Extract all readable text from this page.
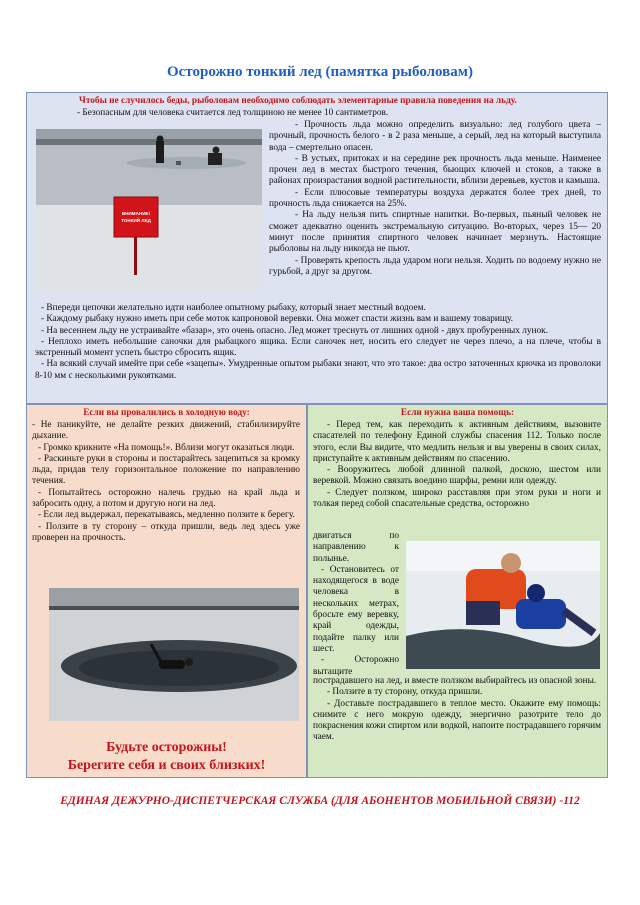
Осторожно тонкий лед (памятка рыболовам)
Чтобы не случилось беды, рыболовам необходимо соблюдать элементарные правила поведения на льду.
- Безопасным для человека считается лед толщиною не менее 10 сантиметров.
ВНИМАНИЕ!
ТОНКИЙ ЛЕД

- Прочность льда можно определить визуально: лед голубого цвета – прочный, прочность белого - в 2 раза меньше, а серый, лед на который выступила вода – смертельно опасен.

- В устьях, притоках и на середине рек прочность льда меньше. Наименее прочен лед в местах быстрого течения, бьющих ключей и стоков, а также в районах произрастания водной растительности, вблизи деревьев, кустов и камыша.

- Если плюсовые температуры воздуха держатся более трех дней, то прочность льда снижается на 25%.

- На льду нельзя пить спиртные напитки. Во-первых, пьяный человек не сможет адекватно оценить экстремальную ситуацию. Во-вторых, через 15— 20 минут после принятия спиртного человек начинает мерзнуть. Настоящие рыболовы на льду никогда не пьют.

- Проверять крепость льда ударом ноги нельзя. Ходить по водоему нужно не гурьбой, а друг за другом.

- Впереди цепочки желательно идти наиболее опытному рыбаку, который знает местный водоем.

- Каждому рыбаку нужно иметь при себе моток капроновой веревки. Она может спасти жизнь вам и вашему товарищу.

- На весеннем льду не устраивайте «базар», это очень опасно. Лед может треснуть от лишних одной - двух пробуренных лунок.

- Неплохо иметь небольшие саночки для рыбацкого ящика. Если саночек нет, носить его следует не через плечо, а на плече, чтобы в экстренный момент успеть быстро сбросить ящик.

- На всякий случай имейте при себе «зацепы». Умудренные опытом рыбаки знают, что это такое: два остро заточенных крючка из проволоки 8-10 мм с несколькими рукоятками.

Если вы провалились в холодную воду:

- Не паникуйте, не делайте резких движений, стабилизируйте дыхание.

- Громко крикните «На помощь!». Вблизи могут оказаться люди.

- Раскиньте руки в стороны и постарайтесь зацепиться за кромку льда, придав телу горизонтальное положение по направлению течения.

- Попытайтесь осторожно налечь грудью на край льда и забросить одну, а потом и другую ноги на лед.

- Если лед выдержал, перекатываясь, медленно ползите к берегу.

- Ползите в ту сторону – откуда пришли, ведь лед здесь уже проверен на прочность.

Будьте осторожны!
Берегите себя и своих близких!
Если нужна ваша помощь:

- Перед тем, как переходить к активным действиям, вызовите спасателей по телефону Единой службы спасения 112. Только после этого, если Вы видите, что медлить нельзя и вы уверены в своих силах, приступайте к активным действиям по спасению.

- Вооружитесь любой длинной палкой, доскою, шестом или веревкой. Можно связать воедино шарфы, ремни или одежду.

- Следует ползком, широко расставляя при этом руки и ноги и толкая перед собой спасательные средства, осторожно

двигаться по направлению к полынье.

- Остановитесь от находящегося в воде человека в нескольких метрах, бросьте ему веревку, край одежды, подайте палку или шест.

- Осторожно вытащите

пострадавшего на лед, и вместе ползком выбирайтесь из опасной зоны.

- Ползите в ту сторону, откуда пришли.

- Доставьте пострадавшего в теплое место. Окажите ему помощь: снимите с него мокрую одежду, энергично разотрите тело до покраснения кожи спиртом или водкой, напоите пострадавшего горячим чаем.

ЕДИНАЯ ДЕЖУРНО-ДИСПЕТЧЕРСКАЯ СЛУЖБА (ДЛЯ АБОНЕНТОВ МОБИЛЬНОЙ СВЯЗИ) -112
